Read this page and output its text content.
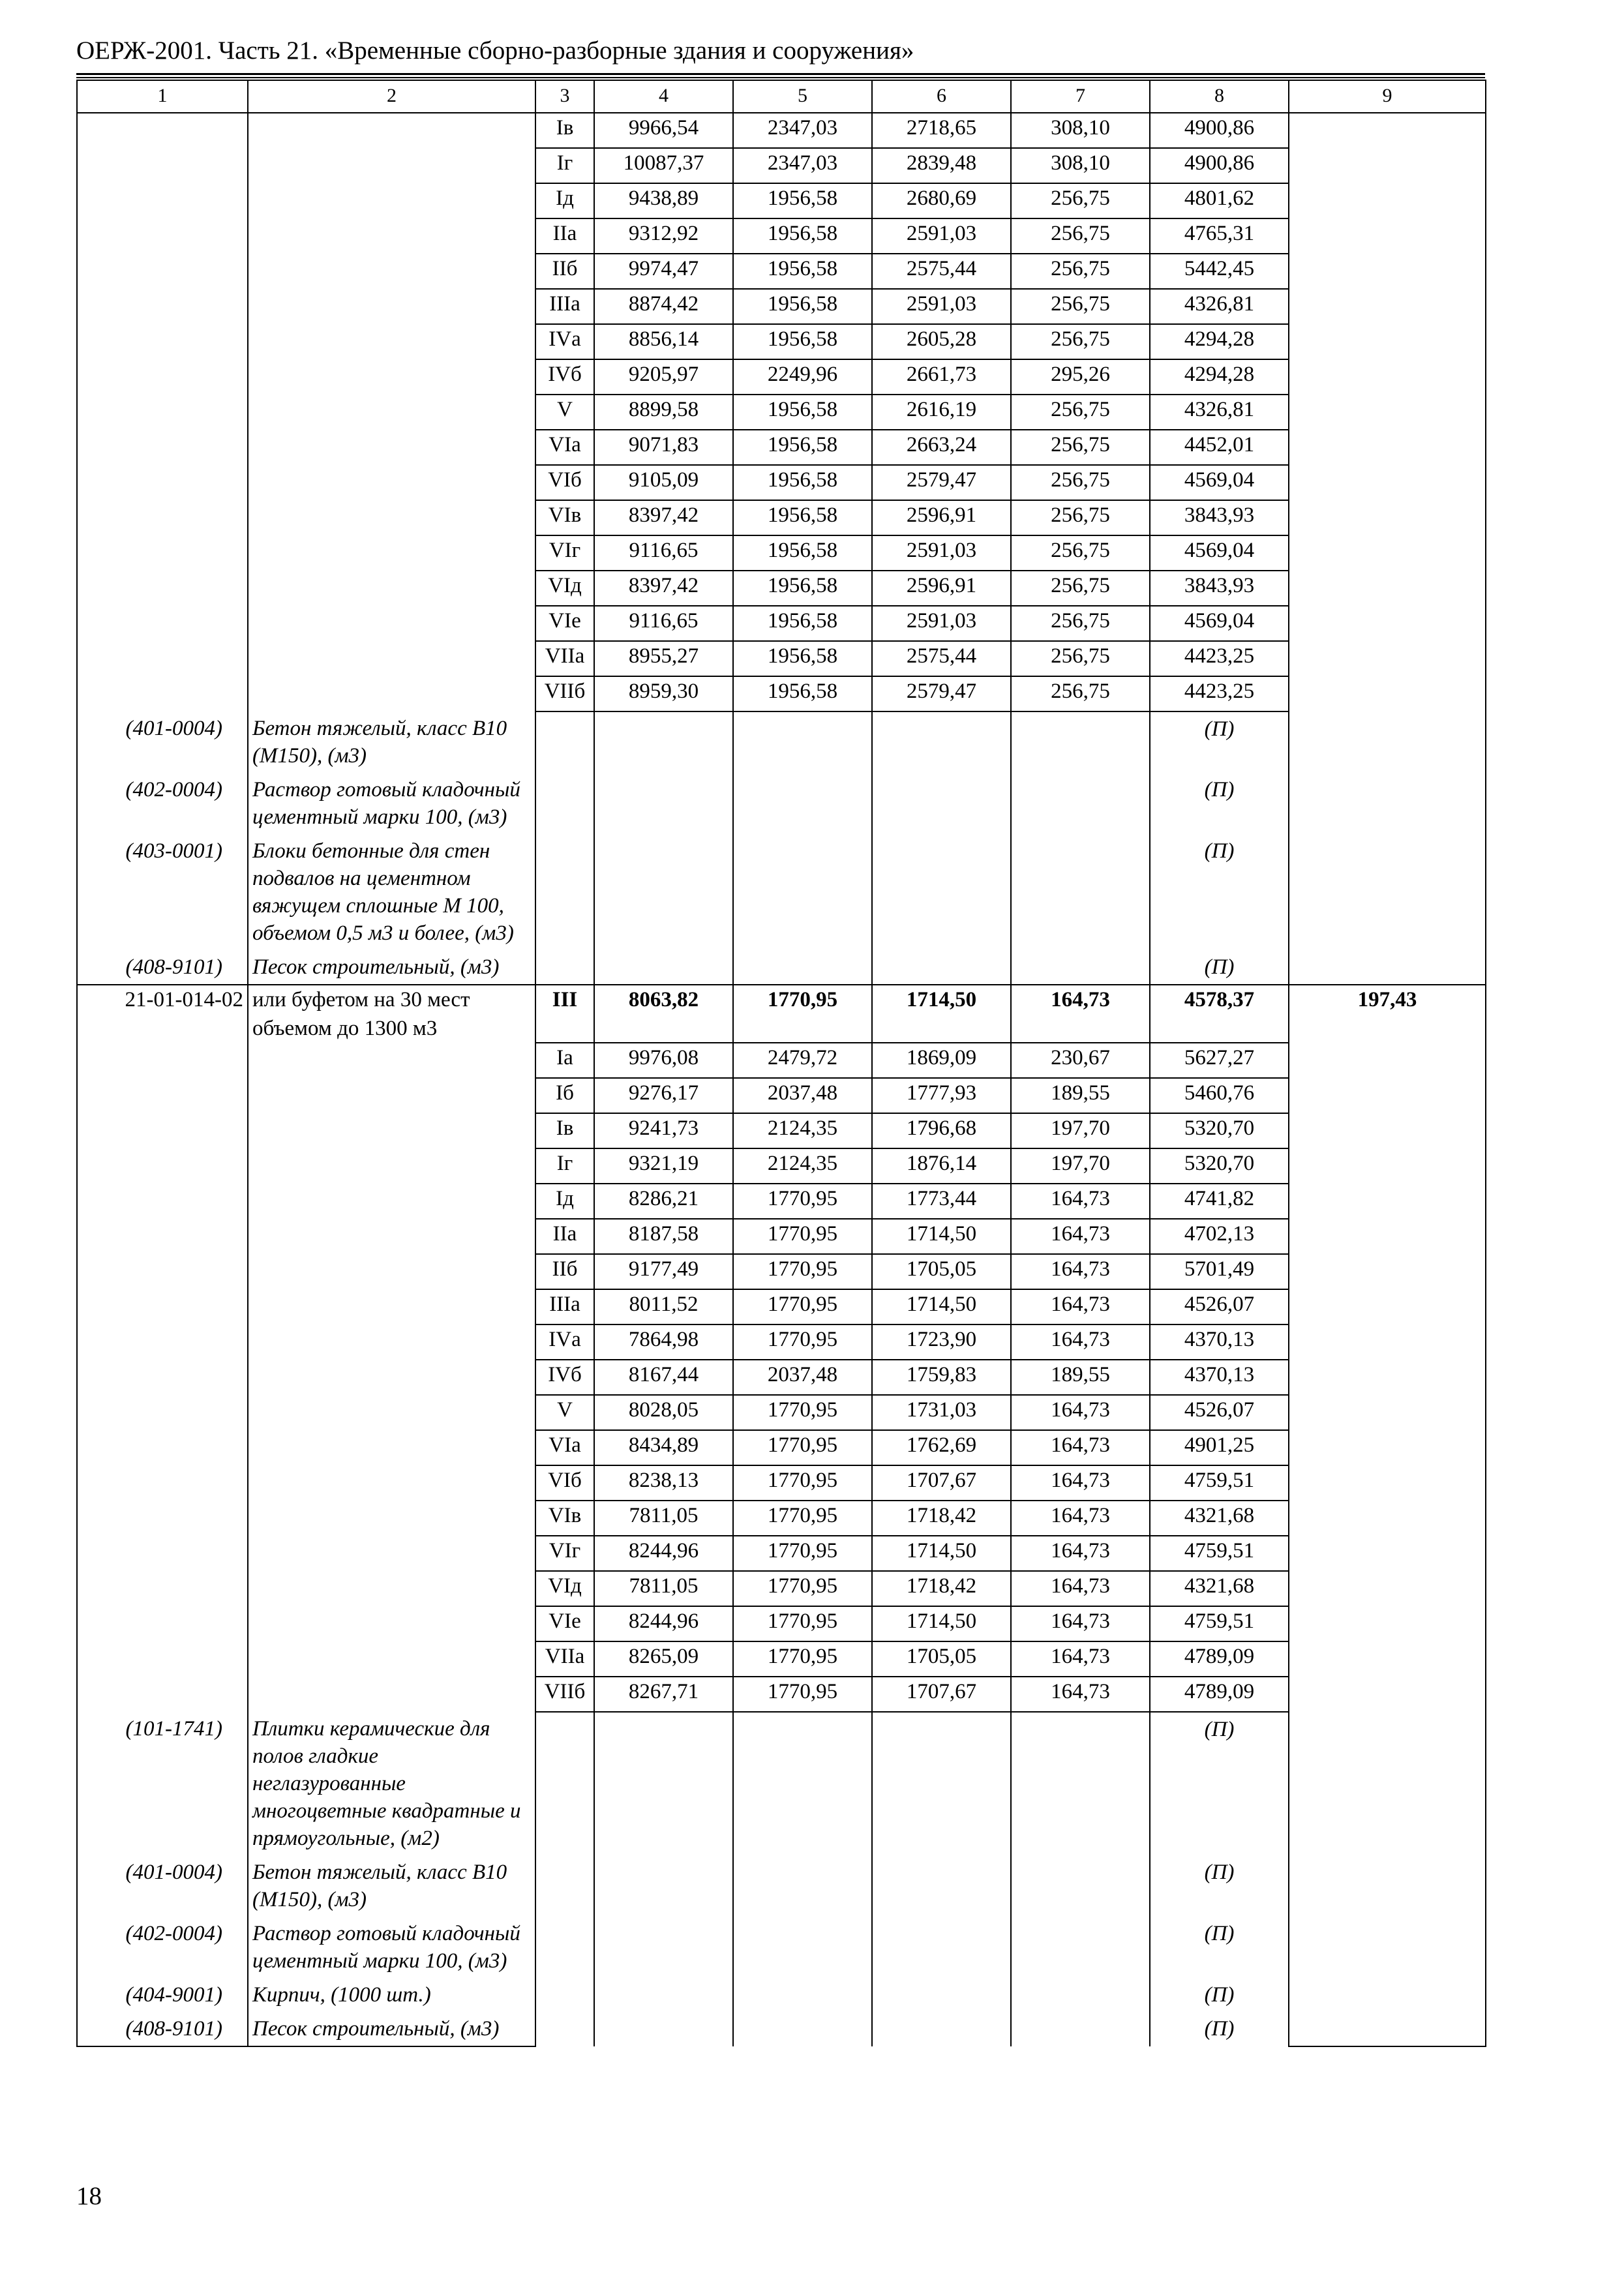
ОЕРЖ-2001. Часть 21. «Временные сборно-разборные здания и сооружения»
1	2	3	4	5	6	7	8	9
		Iв	9966,54	2347,03	2718,65	308,10	4900,86	
		Iг	10087,37	2347,03	2839,48	308,10	4900,86	
		Iд	9438,89	1956,58	2680,69	256,75	4801,62	
		IIа	9312,92	1956,58	2591,03	256,75	4765,31	
		IIб	9974,47	1956,58	2575,44	256,75	5442,45	
		IIIа	8874,42	1956,58	2591,03	256,75	4326,81	
		IVа	8856,14	1956,58	2605,28	256,75	4294,28	
		IVб	9205,97	2249,96	2661,73	295,26	4294,28	
		V	8899,58	1956,58	2616,19	256,75	4326,81	
		VIа	9071,83	1956,58	2663,24	256,75	4452,01	
		VIб	9105,09	1956,58	2579,47	256,75	4569,04	
		VIв	8397,42	1956,58	2596,91	256,75	3843,93	
		VIг	9116,65	1956,58	2591,03	256,75	4569,04	
		VIд	8397,42	1956,58	2596,91	256,75	3843,93	
		VIе	9116,65	1956,58	2591,03	256,75	4569,04	
		VIIа	8955,27	1956,58	2575,44	256,75	4423,25	
		VIIб	8959,30	1956,58	2579,47	256,75	4423,25	
(401-0004)	Бетон тяжелый, класс В10 (М150), (м3)						(П)	
(402-0004)	Раствор готовый кладочный цементный марки 100, (м3)						(П)	
(403-0001)	Блоки бетонные для стен подвалов на цементном вяжущем сплошные М 100, объемом 0,5 м3 и более, (м3)						(П)	
(408-9101)	Песок строительный, (м3)						(П)	
21-01-014-02	или буфетом на 30 мест объемом до 1300 м3	III	8063,82	1770,95	1714,50	164,73	4578,37	197,43
		Iа	9976,08	2479,72	1869,09	230,67	5627,27	
		Iб	9276,17	2037,48	1777,93	189,55	5460,76	
		Iв	9241,73	2124,35	1796,68	197,70	5320,70	
		Iг	9321,19	2124,35	1876,14	197,70	5320,70	
		Iд	8286,21	1770,95	1773,44	164,73	4741,82	
		IIа	8187,58	1770,95	1714,50	164,73	4702,13	
		IIб	9177,49	1770,95	1705,05	164,73	5701,49	
		IIIа	8011,52	1770,95	1714,50	164,73	4526,07	
		IVа	7864,98	1770,95	1723,90	164,73	4370,13	
		IVб	8167,44	2037,48	1759,83	189,55	4370,13	
		V	8028,05	1770,95	1731,03	164,73	4526,07	
		VIа	8434,89	1770,95	1762,69	164,73	4901,25	
		VIб	8238,13	1770,95	1707,67	164,73	4759,51	
		VIв	7811,05	1770,95	1718,42	164,73	4321,68	
		VIг	8244,96	1770,95	1714,50	164,73	4759,51	
		VIд	7811,05	1770,95	1718,42	164,73	4321,68	
		VIе	8244,96	1770,95	1714,50	164,73	4759,51	
		VIIа	8265,09	1770,95	1705,05	164,73	4789,09	
		VIIб	8267,71	1770,95	1707,67	164,73	4789,09	
(101-1741)	Плитки керамические для полов гладкие неглазурованные многоцветные квадратные и прямоугольные, (м2)						(П)	
(401-0004)	Бетон тяжелый, класс В10 (М150), (м3)						(П)	
(402-0004)	Раствор готовый кладочный цементный марки 100, (м3)						(П)	
(404-9001)	Кирпич, (1000 шт.)						(П)	
(408-9101)	Песок строительный, (м3)						(П)	
18
